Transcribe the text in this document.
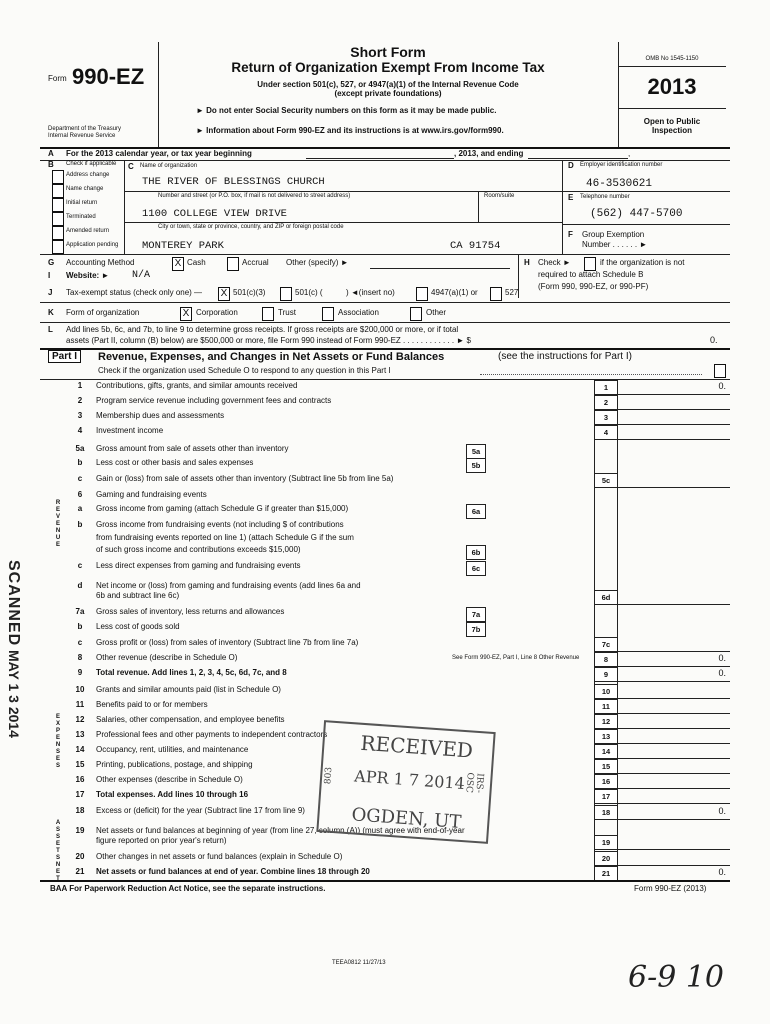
Form 990-EZ
Department of the Treasury
Internal Revenue Service
Short Form
Return of Organization Exempt From Income Tax
Under section 501(c), 527, or 4947(a)(1) of the Internal Revenue Code
(except private foundations)
► Do not enter Social Security numbers on this form as it may be made public.
► Information about Form 990-EZ and its instructions is at www.irs.gov/form990.
OMB No 1545-1150
2013
Open to Public
Inspection
A For the 2013 calendar year, or tax year beginning	, 2013, and ending	,
B Check if applicable
Address change
Name change
Initial return
Terminated
Amended return
Application pending
C Name of organization
THE RIVER OF BLESSINGS CHURCH
Number and street (or P.O. box, if mail is not delivered to street address)	Room/suite
1100 COLLEGE VIEW DRIVE
City or town, state or province, country, and ZIP or foreign postal code
MONTEREY PARK	CA 91754
D Employer identification number
46-3530621
E Telephone number
(562) 447-5700
F Group Exemption
Number . . . . . . ►
G Accounting Method	X Cash	Accrual Other (specify) ►	H Check ►	if the organization is not
required to attach Schedule B
(Form 990, 990-EZ, or 990-PF)
I Website: ► N/A
J Tax-exempt status (check only one) — X 501(c)(3)	501(c) (	) ◄(insert no)	4947(a)(1) or	527
K Form of organization	X Corporation	Trust	Association	Other
L Add lines 5b, 6c, and 7b, to line 9 to determine gross receipts. If gross receipts are $200,000 or more, or if total
assets (Part II, column (B) below) are $500,000 or more, file Form 990 instead of Form 990-EZ . . . . . . . . . . . . ► $	0.
Part I	Revenue, Expenses, and Changes in Net Assets or Fund Balances	(see the instructions for Part I)
Check if the organization used Schedule O to respond to any question in this Part I
R E V E N U E
E X P E N S E S
A S S E T S N E T
5a
5b
6a
6b
6c
7a
7b
See Form 990-EZ, Part I, Line 8 Other Revenue
1	Contributions, gifts, grants, and similar amounts received	1	0.
2	Program service revenue including government fees and contracts	2
3	Membership dues and assessments	3
4	Investment income	4
5a	Gross amount from sale of assets other than inventory
b	Less cost or other basis and sales expenses
c	Gain or (loss) from sale of assets other than inventory (Subtract line 5b from line 5a)	5c
6	Gaming and fundraising events
a	Gross income from gaming (attach Schedule G if greater than $15,000)
b	Gross income from fundraising events (not including $ of contributions
from fundraising events reported on line 1) (attach Schedule G if the sum
of such gross income and contributions exceeds $15,000)
c	Less direct expenses from gaming and fundraising events
d	Net income or (loss) from gaming and fundraising events (add lines 6a and
6b and subtract line 6c)	6d
7a	Gross sales of inventory, less returns and allowances
b	Less cost of goods sold
c	Gross profit or (loss) from sales of inventory (Subtract line 7b from line 7a)	7c
8	Other revenue (describe in Schedule O)	8	0.
9	Total revenue. Add lines 1, 2, 3, 4, 5c, 6d, 7c, and 8	9	0.
10	Grants and similar amounts paid (list in Schedule O)	10
11	Benefits paid to or for members	11
12	Salaries, other compensation, and employee benefits	12
13	Professional fees and other payments to independent contractors	13
14	Occupancy, rent, utilities, and maintenance	14
15	Printing, publications, postage, and shipping	15
16	Other expenses (describe in Schedule O)	16
17	Total expenses. Add lines 10 through 16	17
18	Excess or (deficit) for the year (Subtract line 17 from line 9)	18	0.
19	Net assets or fund balances at beginning of year (from line 27, column (A)) (must agree with end-of-year
figure reported on prior year's return)	19
20	Other changes in net assets or fund balances (explain in Schedule O)	20
21	Net assets or fund balances at end of year. Combine lines 18 through 20	21	0.
BAA For Paperwork Reduction Act Notice, see the separate instructions.	Form 990-EZ (2013)
TEEA0812 11/27/13	6-9 10
SCANNED
MAY 1 3 2014
RECEIVED
APR 1 7 2014
OGDEN, UT
803	IRS-OSC
